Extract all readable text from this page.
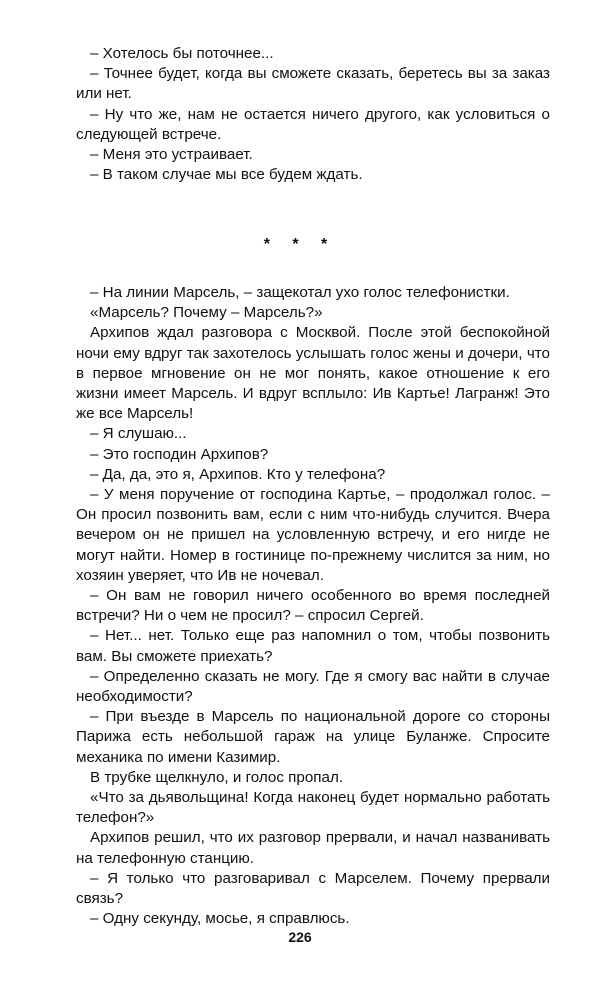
– Хотелось бы поточнее...

– Точнее будет, когда вы сможете сказать, беретесь вы за заказ или нет.

– Ну что же, нам не остается ничего другого, как условиться о следующей встрече.

– Меня это устраивает.

– В таком случае мы все будем ждать.

* * *

– На линии Марсель, – защекотал ухо голос телефонистки.

«Марсель? Почему – Марсель?»

Архипов ждал разговора с Москвой. После этой беспокойной ночи ему вдруг так захотелось услышать голос жены и дочери, что в первое мгновение он не мог понять, какое отношение к его жизни имеет Марсель. И вдруг всплыло: Ив Картье! Лагранж! Это же все Марсель!

– Я слушаю...

– Это господин Архипов?

– Да, да, это я, Архипов. Кто у телефона?

– У меня поручение от господина Картье, – продолжал голос. – Он просил позвонить вам, если с ним что-нибудь случится. Вчера вечером он не пришел на условленную встречу, и его нигде не могут найти. Номер в гостинице по-прежнему числится за ним, но хозяин уверяет, что Ив не ночевал.

– Он вам не говорил ничего особенного во время последней встречи? Ни о чем не просил? – спросил Сергей.

– Нет... нет. Только еще раз напомнил о том, чтобы позвонить вам. Вы сможете приехать?

– Определенно сказать не могу. Где я смогу вас найти в случае необходимости?

– При въезде в Марсель по национальной дороге со стороны Парижа есть небольшой гараж на улице Буланже. Спросите механика по имени Казимир.

В трубке щелкнуло, и голос пропал.

«Что за дьявольщина! Когда наконец будет нормально работать телефон?»

Архипов решил, что их разговор прервали, и начал названивать на телефонную станцию.

– Я только что разговаривал с Марселем. Почему прервали связь?

– Одну секунду, мосье, я справлюсь.

226
